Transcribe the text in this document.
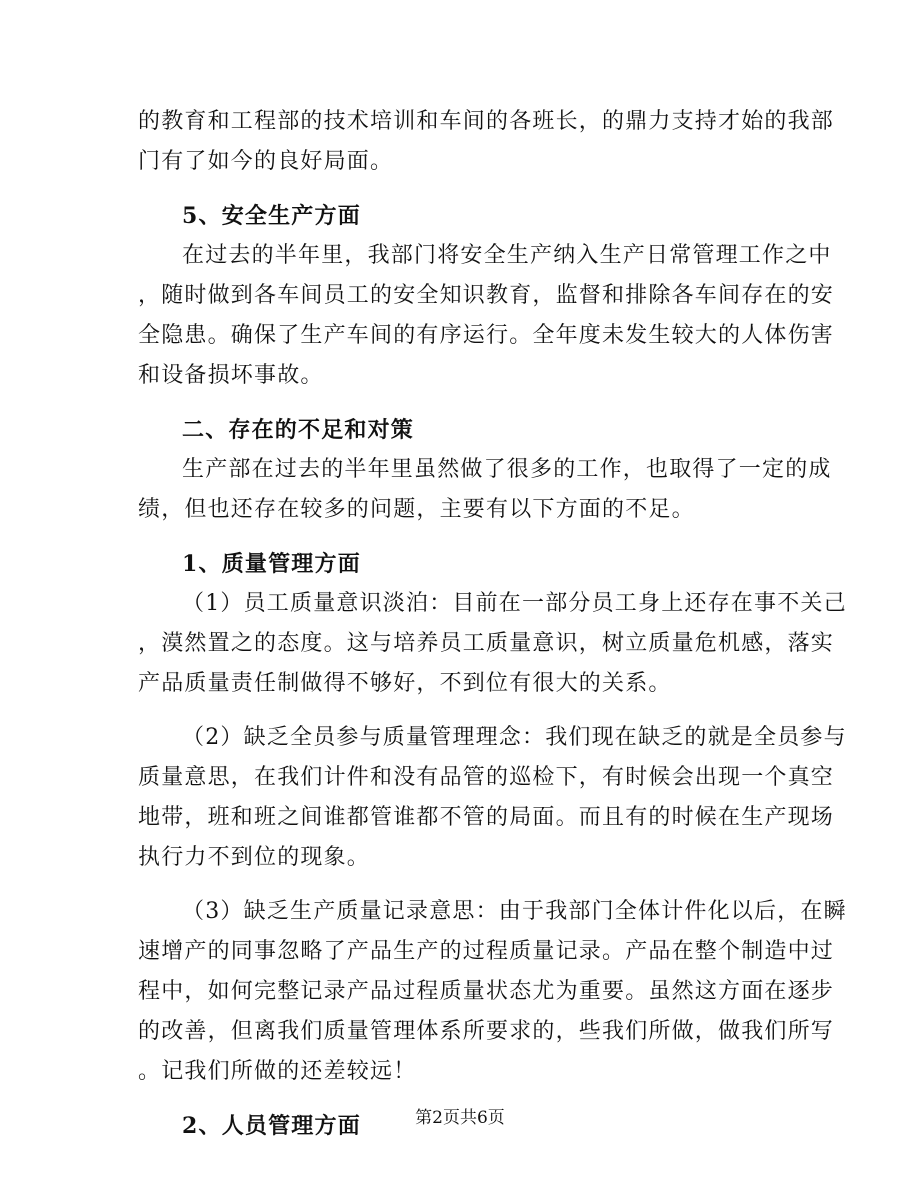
的教育和工程部的技术培训和车间的各班长，的鼎力支持才始的我部
门有了如今的良好局面。
5、安全生产方面
在过去的半年里，我部门将安全生产纳入生产日常管理工作之中
，随时做到各车间员工的安全知识教育，监督和排除各车间存在的安
全隐患。确保了生产车间的有序运行。全年度未发生较大的人体伤害
和设备损坏事故。
二、存在的不足和对策
生产部在过去的半年里虽然做了很多的工作，也取得了一定的成
绩，但也还存在较多的问题，主要有以下方面的不足。
1、质量管理方面
（1）员工质量意识淡泊：目前在一部分员工身上还存在事不关己
，漠然置之的态度。这与培养员工质量意识，树立质量危机感，落实
产品质量责任制做得不够好，不到位有很大的关系。
（2）缺乏全员参与质量管理理念：我们现在缺乏的就是全员参与
质量意思，在我们计件和没有品管的巡检下，有时候会出现一个真空
地带，班和班之间谁都管谁都不管的局面。而且有的时候在生产现场
执行力不到位的现象。
（3）缺乏生产质量记录意思：由于我部门全体计件化以后，在瞬
速增产的同事忽略了产品生产的过程质量记录。产品在整个制造中过
程中，如何完整记录产品过程质量状态尤为重要。虽然这方面在逐步
的改善，但离我们质量管理体系所要求的，些我们所做，做我们所写
。记我们所做的还差较远！
2、人员管理方面	第2页共6页
